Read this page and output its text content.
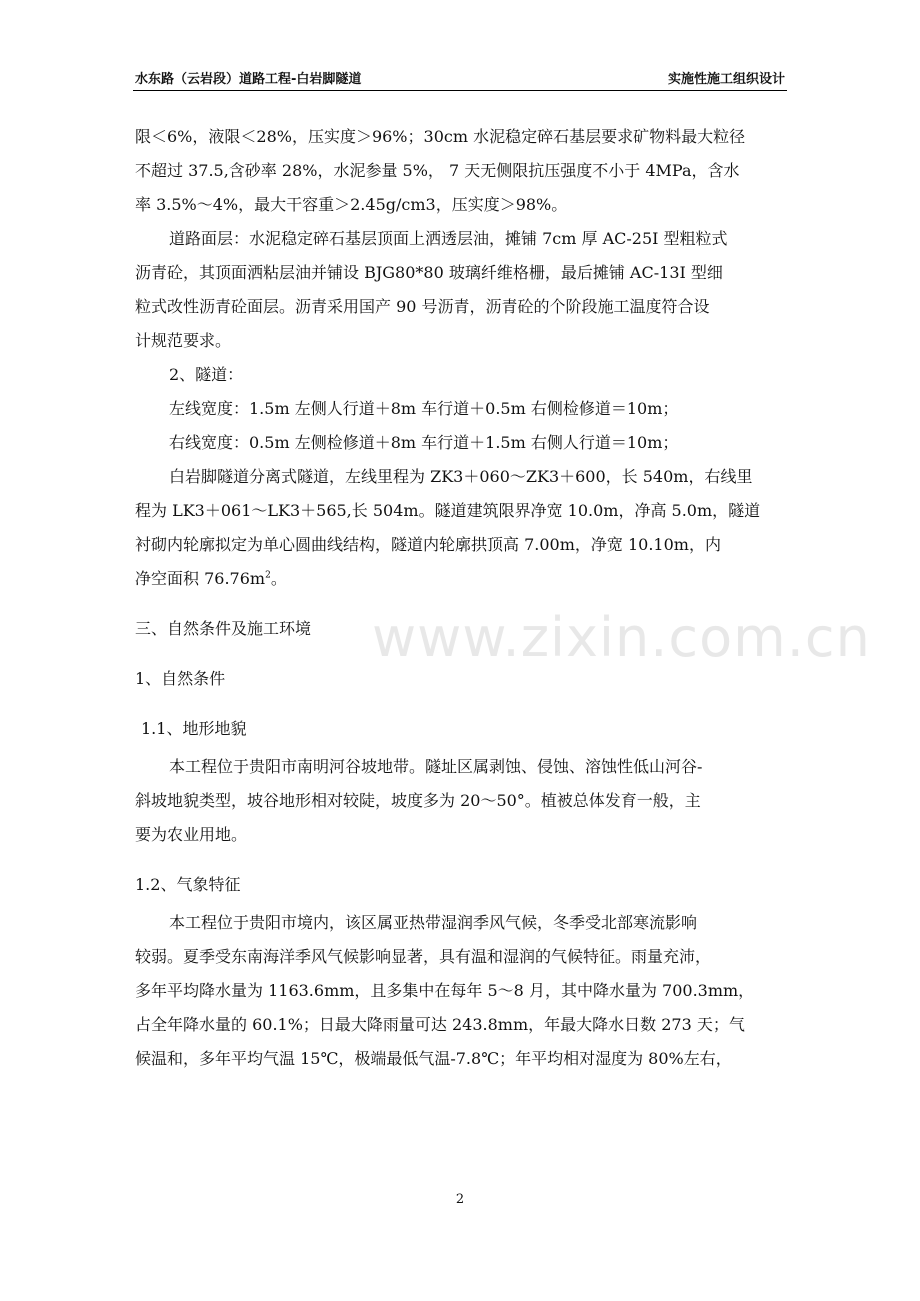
水东路（云岩段）道路工程-白岩脚隧道	实施性施工组织设计

限＜6%，液限＜28%，压实度＞96%；30cm 水泥稳定碎石基层要求矿物料最大粒径

不超过 37.5,含砂率 28%，水泥参量 5%， 7 天无侧限抗压强度不小于 4MPa，含水

率 3.5%～4%，最大干容重＞2.45g/cm3，压实度＞98%。

道路面层：水泥稳定碎石基层顶面上洒透层油，摊铺 7cm 厚 AC-25I 型粗粒式

沥青砼，其顶面洒粘层油并铺设 BJG80*80 玻璃纤维格栅，最后摊铺 AC-13I 型细

粒式改性沥青砼面层。沥青采用国产 90 号沥青，沥青砼的个阶段施工温度符合设

计规范要求。

2、隧道：

左线宽度：1.5m 左侧人行道＋8m 车行道＋0.5m 右侧检修道＝10m；

右线宽度：0.5m 左侧检修道＋8m 车行道＋1.5m 右侧人行道＝10m；

白岩脚隧道分离式隧道，左线里程为 ZK3＋060～ZK3＋600，长 540m，右线里

程为 LK3＋061～LK3＋565,长 504m。隧道建筑限界净宽 10.0m，净高 5.0m，隧道

衬砌内轮廓拟定为单心圆曲线结构，隧道内轮廓拱顶高 7.00m，净宽 10.10m，内

净空面积 $76.76m^2$。

三、自然条件及施工环境

1、自然条件

1.1、地形地貌

本工程位于贵阳市南明河谷坡地带。隧址区属剥蚀、侵蚀、溶蚀性低山河谷-

斜坡地貌类型，坡谷地形相对较陡，坡度多为 20～50°。植被总体发育一般，主

要为农业用地。

1.2、气象特征

本工程位于贵阳市境内，该区属亚热带湿润季风气候，冬季受北部寒流影响

较弱。夏季受东南海洋季风气候影响显著，具有温和湿润的气候特征。雨量充沛，

多年平均降水量为 1163.6mm，且多集中在每年 5～8 月，其中降水量为 700.3mm，

占全年降水量的 60.1%；日最大降雨量可达 243.8mm，年最大降水日数 273 天；气

候温和，多年平均气温 15℃，极端最低气温-7.8℃；年平均相对湿度为 80%左右，

www.zixin.com.cn
2
